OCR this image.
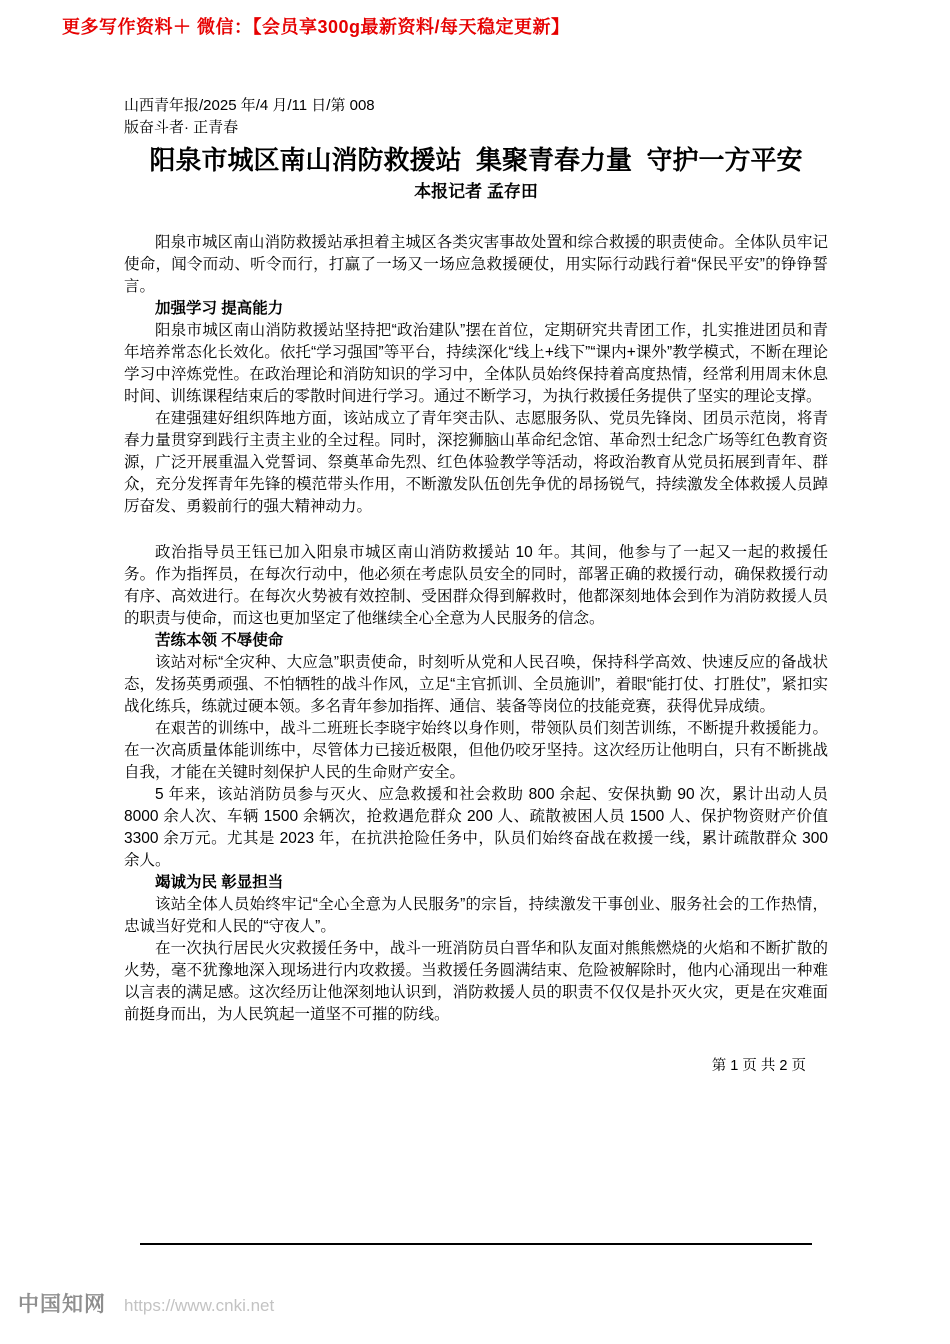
更多写作资料＋ 微信：【会员享300g最新资料/每天稳定更新】
山西青年报/2025 年/4 月/11 日/第 008
版奋斗者· 正青春
阳泉市城区南山消防救援站  集聚青春力量  守护一方平安
本报记者 孟存田

阳泉市城区南山消防救援站承担着主城区各类灾害事故处置和综合救援的职责使命。全体队员牢记使命，闻令而动、听令而行，打赢了一场又一场应急救援硬仗，用实际行动践行着“保民平安”的铮铮誓言。

加强学习 提高能力

阳泉市城区南山消防救援站坚持把“政治建队”摆在首位，定期研究共青团工作，扎实推进团员和青年培养常态化长效化。依托“学习强国”等平台，持续深化“线上+线下”“课内+课外”教学模式，不断在理论学习中淬炼党性。在政治理论和消防知识的学习中，全体队员始终保持着高度热情，经常利用周末休息时间、训练课程结束后的零散时间进行学习。通过不断学习，为执行救援任务提供了坚实的理论支撑。

在建强建好组织阵地方面，该站成立了青年突击队、志愿服务队、党员先锋岗、团员示范岗，将青春力量贯穿到践行主责主业的全过程。同时，深挖狮脑山革命纪念馆、革命烈士纪念广场等红色教育资源，广泛开展重温入党誓词、祭奠革命先烈、红色体验教学等活动，将政治教育从党员拓展到青年、群众，充分发挥青年先锋的模范带头作用，不断激发队伍创先争优的昂扬锐气，持续激发全体救援人员踔厉奋发、勇毅前行的强大精神动力。

政治指导员王钰已加入阳泉市城区南山消防救援站 10 年。其间，他参与了一起又一起的救援任务。作为指挥员，在每次行动中，他必须在考虑队员安全的同时，部署正确的救援行动，确保救援行动有序、高效进行。在每次火势被有效控制、受困群众得到解救时，他都深刻地体会到作为消防救援人员的职责与使命，而这也更加坚定了他继续全心全意为人民服务的信念。

苦练本领 不辱使命

该站对标“全灾种、大应急”职责使命，时刻听从党和人民召唤，保持科学高效、快速反应的备战状态，发扬英勇顽强、不怕牺牲的战斗作风，立足“主官抓训、全员施训”，着眼“能打仗、打胜仗”，紧扣实战化练兵，练就过硬本领。多名青年参加指挥、通信、装备等岗位的技能竞赛，获得优异成绩。

在艰苦的训练中，战斗二班班长李晓宇始终以身作则，带领队员们刻苦训练，不断提升救援能力。在一次高质量体能训练中，尽管体力已接近极限，但他仍咬牙坚持。这次经历让他明白，只有不断挑战自我，才能在关键时刻保护人民的生命财产安全。

5 年来，该站消防员参与灭火、应急救援和社会救助 800 余起、安保执勤 90 次，累计出动人员 8000 余人次、车辆 1500 余辆次，抢救遇危群众 200 人、疏散被困人员 1500 人、保护物资财产价值 3300 余万元。尤其是 2023 年，在抗洪抢险任务中，队员们始终奋战在救援一线，累计疏散群众 300 余人。

竭诚为民 彰显担当

该站全体人员始终牢记“全心全意为人民服务”的宗旨，持续激发干事创业、服务社会的工作热情，忠诚当好党和人民的“守夜人”。

在一次执行居民火灾救援任务中，战斗一班消防员白晋华和队友面对熊熊燃烧的火焰和不断扩散的火势，毫不犹豫地深入现场进行内攻救援。当救援任务圆满结束、危险被解除时，他内心涌现出一种难以言表的满足感。这次经历让他深刻地认识到，消防救援人员的职责不仅仅是扑灭火灾，更是在灾难面前挺身而出，为人民筑起一道坚不可摧的防线。

第 1 页 共 2 页
中国知网 https://www.cnki.net
